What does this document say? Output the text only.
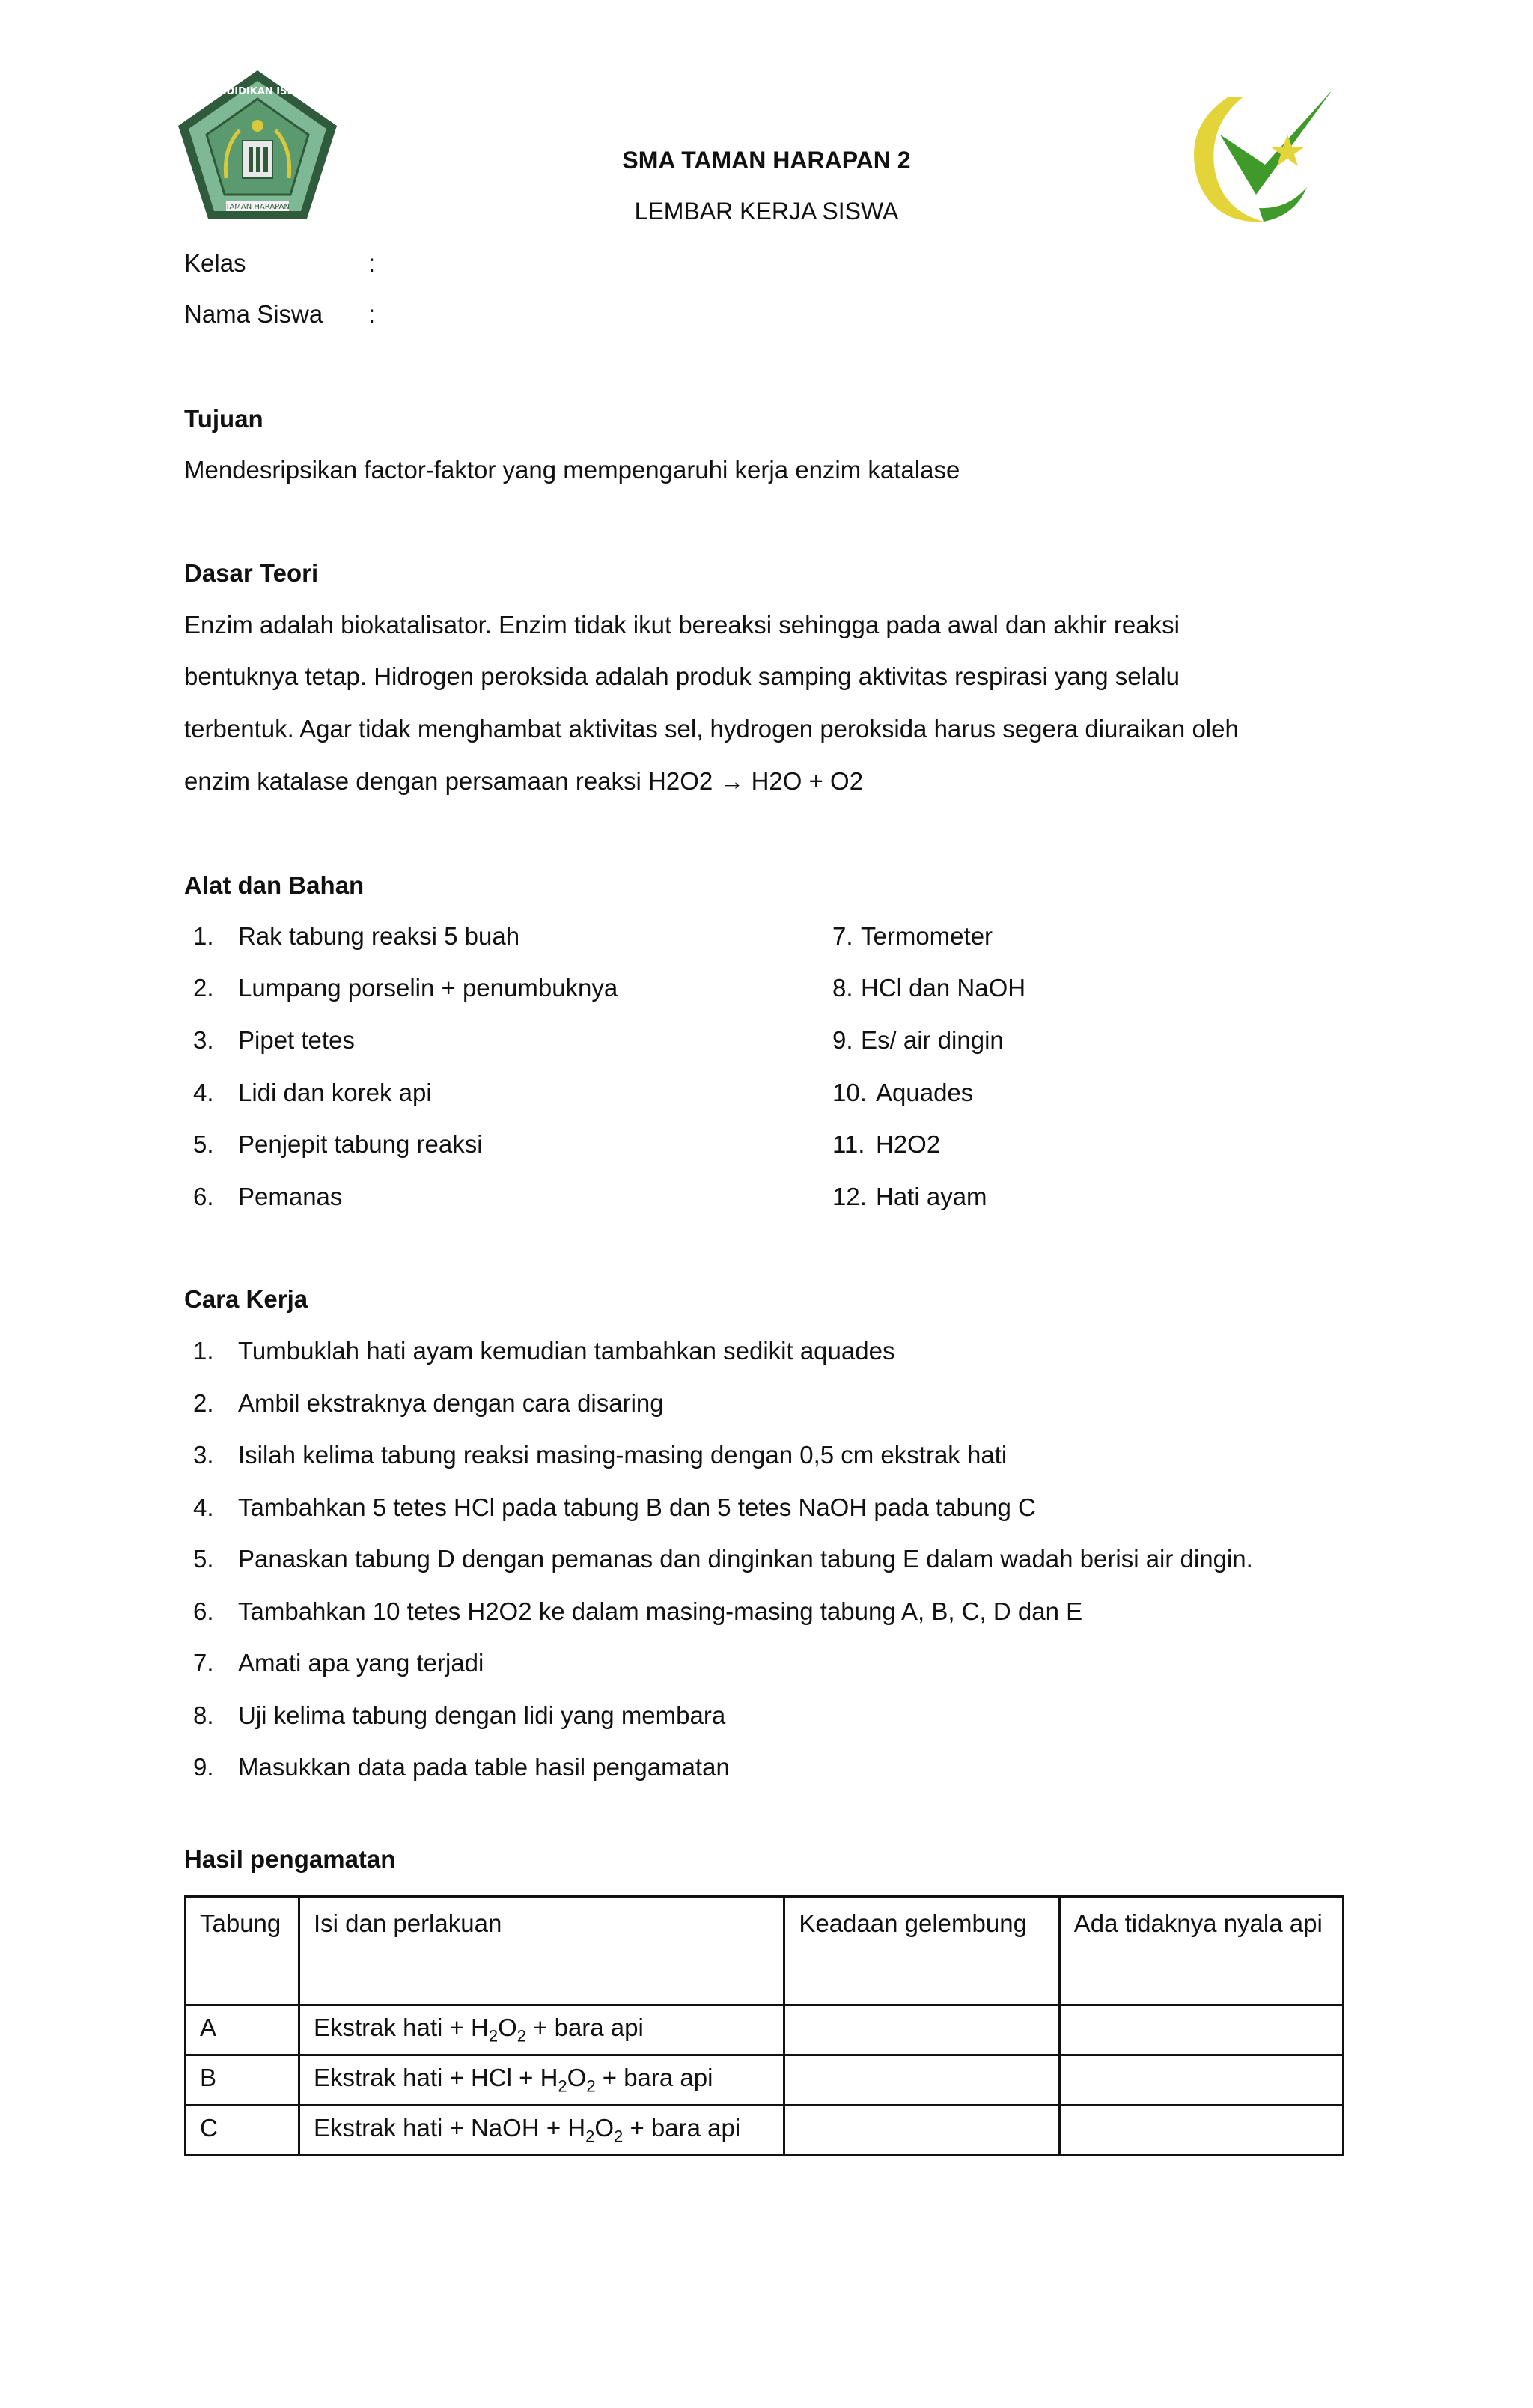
PENDIDIKAN ISLAM
TAMAN HARAPAN
SMA TAMAN HARAPAN 2
LEMBAR KERJA SISWA
Kelas	:
Nama Siswa :
Tujuan
Mendesripsikan factor-faktor yang mempengaruhi kerja enzim katalase
Dasar Teori
Enzim adalah biokatalisator. Enzim tidak ikut bereaksi sehingga pada awal dan akhir reaksi
bentuknya tetap. Hidrogen peroksida adalah produk samping aktivitas respirasi yang selalu
terbentuk. Agar tidak menghambat aktivitas sel, hydrogen peroksida harus segera diuraikan oleh
enzim katalase dengan persamaan reaksi H2O2 → H2O + O2
Alat dan Bahan
1. Rak tabung reaksi 5 buah
2. Lumpang porselin + penumbuknya
3. Pipet tetes
4. Lidi dan korek api
5. Penjepit tabung reaksi
6. Pemanas
7. Termometer
8. HCl dan NaOH
9. Es/ air dingin
10. Aquades
11. H2O2
12. Hati ayam
Cara Kerja
1. Tumbuklah hati ayam kemudian tambahkan sedikit aquades
2. Ambil ekstraknya dengan cara disaring
3. Isilah kelima tabung reaksi masing-masing dengan 0,5 cm ekstrak hati
4. Tambahkan 5 tetes HCl pada tabung B dan 5 tetes NaOH pada tabung C
5. Panaskan tabung D dengan pemanas dan dinginkan tabung E dalam wadah berisi air dingin.
6. Tambahkan 10 tetes H2O2 ke dalam masing-masing tabung A, B, C, D dan E
7. Amati apa yang terjadi
8. Uji kelima tabung dengan lidi yang membara
9. Masukkan data pada table hasil pengamatan
Hasil pengamatan
Tabung	Isi dan perlakuan	Keadaan gelembung	Ada tidaknya nyala api
A	Ekstrak hati + $H_2O_2$ + bara api		
B	Ekstrak hati + HCl + $H_2O_2$ + bara api		
C	Ekstrak hati + NaOH + $H_2O_2$ + bara api		
